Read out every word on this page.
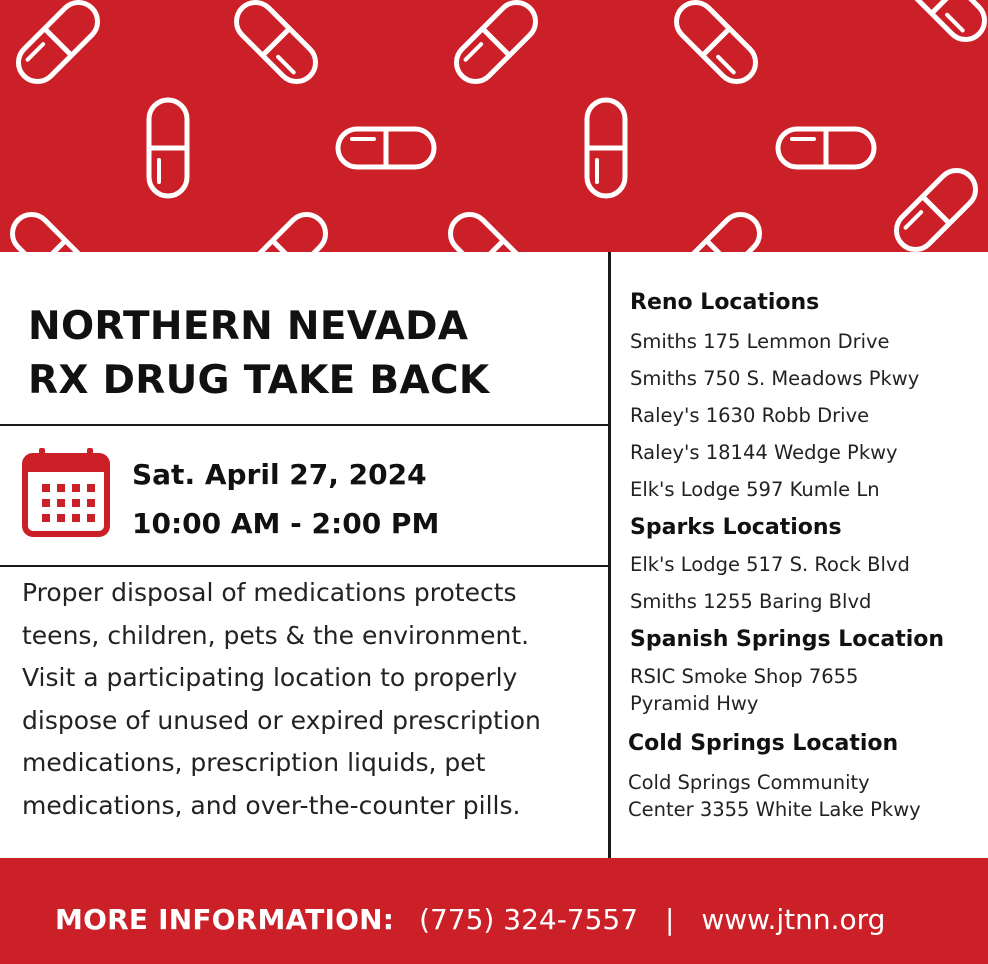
NORTHERN NEVADA
RX DRUG TAKE BACK
Sat. April 27, 2024
10:00 AM - 2:00 PM
Proper disposal of medications protects
teens, children, pets & the environment.
Visit a participating location to properly
dispose of unused or expired prescription
medications, prescription liquids, pet
medications, and over-the-counter pills.
Reno Locations
Smiths 175 Lemmon Drive
Smiths 750 S. Meadows Pkwy
Raley's 1630 Robb Drive
Raley's 18144 Wedge Pkwy
Elk's Lodge 597 Kumle Ln
Sparks Locations
Elk's Lodge 517 S. Rock Blvd
Smiths 1255 Baring Blvd
Spanish Springs Location
RSIC Smoke Shop 7655
Pyramid Hwy
Cold Springs Location
Cold Springs Community
Center 3355 White Lake Pkwy
MORE INFORMATION: (775) 324-7557 | www.jtnn.org
